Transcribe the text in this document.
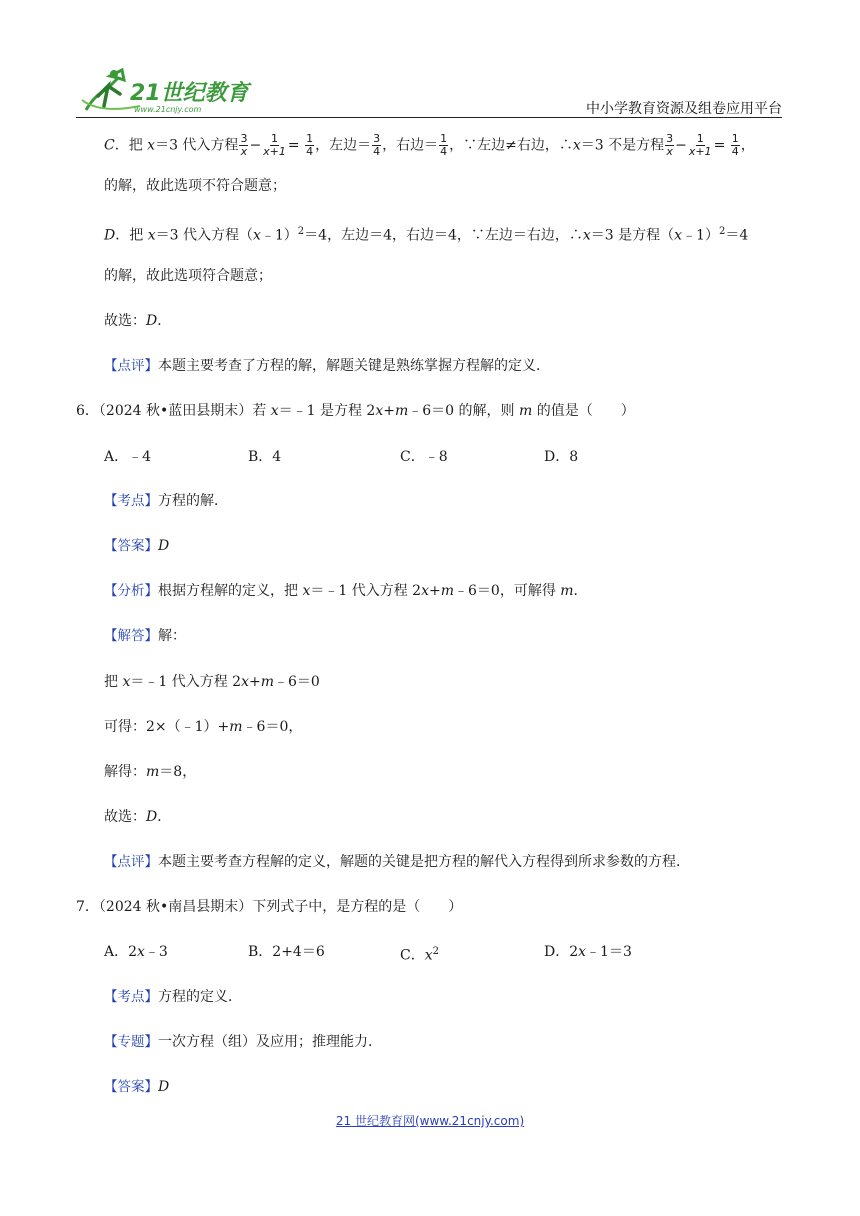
21世纪教育
www.21cnjy.com	中小学教育资源及组卷应用平台
C．把 x＝3 代入方程 $\frac{3}{x} - \frac{1}{x+1} = \frac{1}{4}$ ，左边＝ $\frac{3}{4}$ ，右边＝ $\frac{1}{4}$ ，∵左边≠右边，∴x＝3 不是方程 $\frac{3}{x} - \frac{1}{x+1} = \frac{1}{4}$ ，
的解，故此选项不符合题意；
D．把 x＝3 代入方程（x﹣1）$^2$＝4，左边＝4，右边＝4，∵左边＝右边，∴x＝3 是方程（x﹣1）$^2$＝4
的解，故此选项符合题意；
故选：D．
【点评】本题主要考查了方程的解，解题关键是熟练掌握方程解的定义．
6．（2024 秋•蓝田县期末）若 x＝﹣1 是方程 2x+m﹣6＝0 的解，则 m 的值是（　　）
A．﹣4	B．4	C．﹣8	D．8
【考点】方程的解．
【答案】D
【分析】根据方程解的定义，把 x＝﹣1 代入方程 2x+m﹣6＝0，可解得 m．
【解答】解：
把 x＝﹣1 代入方程 2x+m﹣6＝0
可得：2×（﹣1）+m﹣6＝0，
解得：m＝8，
故选：D．
【点评】本题主要考查方程解的定义，解题的关键是把方程的解代入方程得到所求参数的方程．
7．（2024 秋•南昌县期末）下列式子中，是方程的是（　　）
A．2x﹣3	B．2+4＝6	C．$x^2$	D．2x﹣1＝3
【考点】方程的定义．
【专题】一次方程（组）及应用；推理能力．
【答案】D
21 世纪教育网(www.21cnjy.com)
